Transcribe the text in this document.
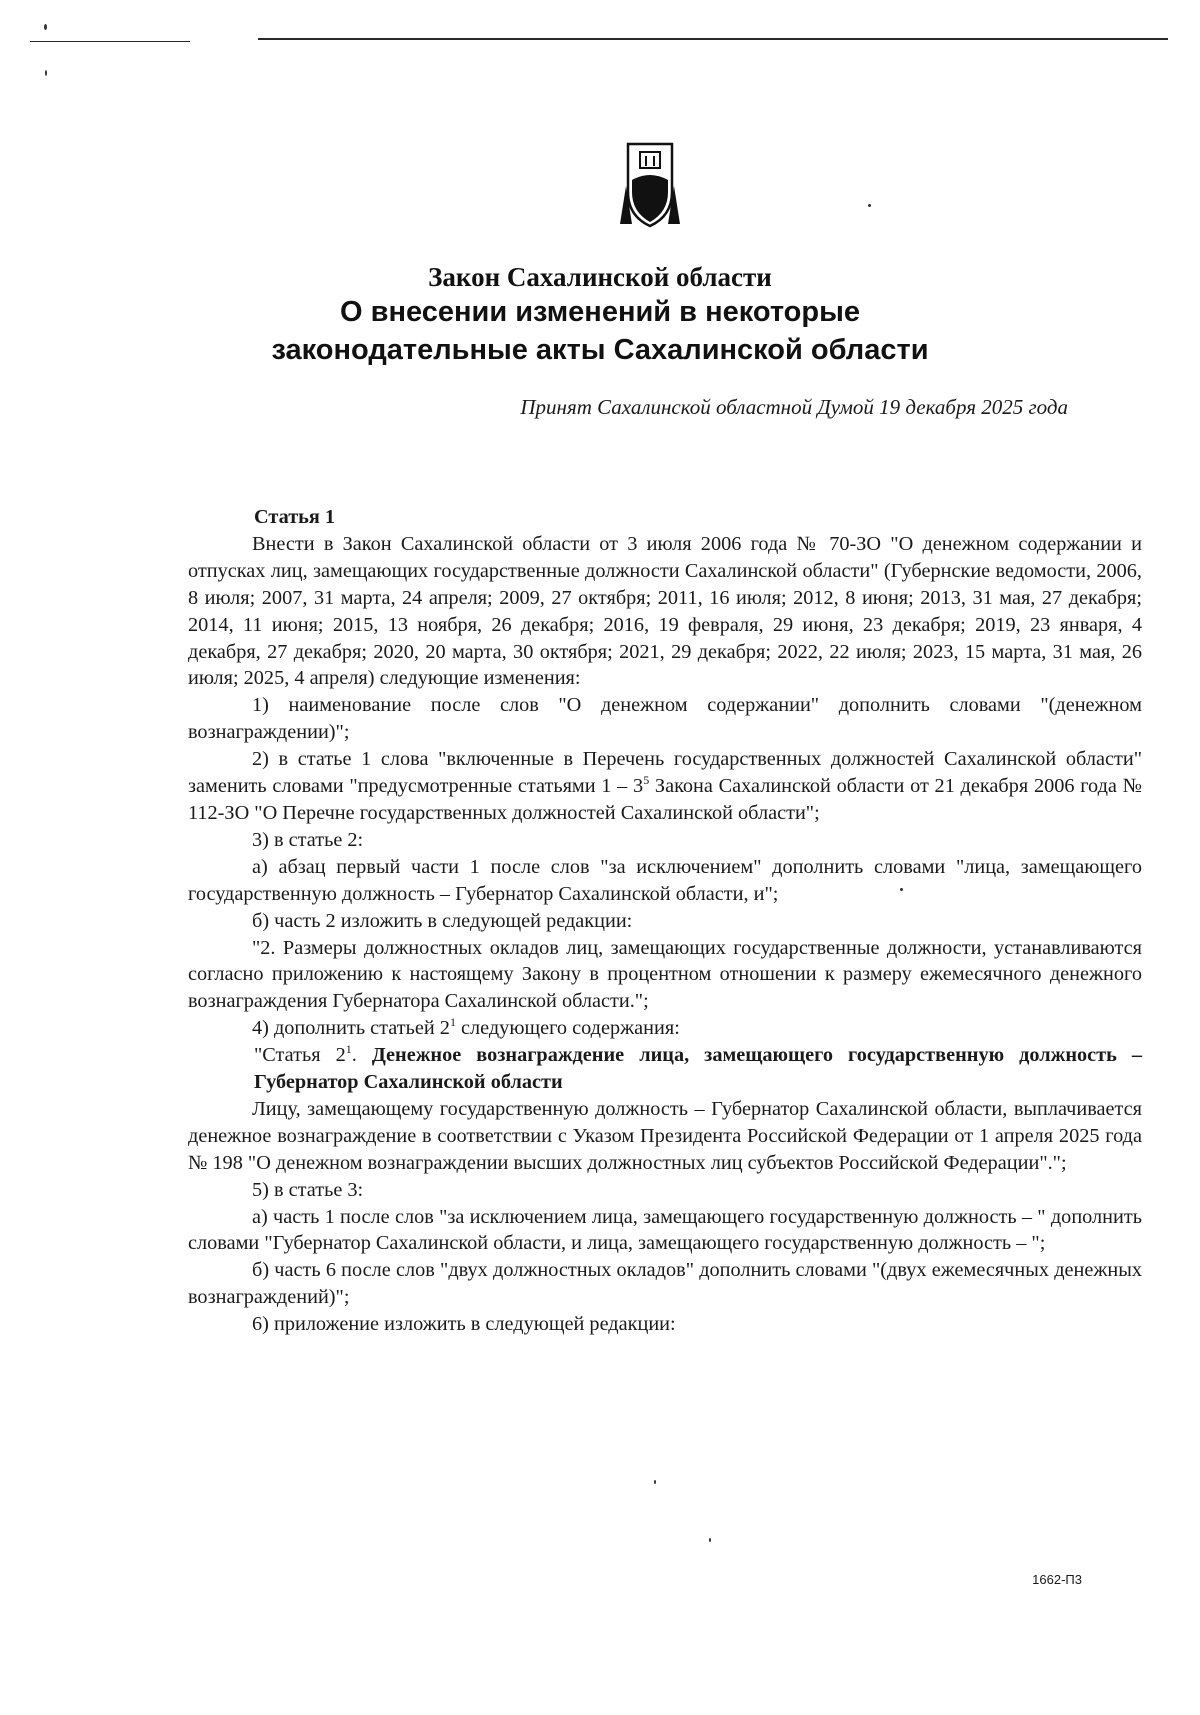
Закон Сахалинской области
О внесении изменений в некоторые
законодательные акты Сахалинской области
Принят Сахалинской областной Думой 19 декабря 2025 года

Статья 1

Внести в Закон Сахалинской области от 3 июля 2006 года № 70-ЗО "О денежном содержании и отпусках лиц, замещающих государственные должности Сахалинской области" (Губернские ведомости, 2006, 8 июля; 2007, 31 марта, 24 апреля; 2009, 27 октября; 2011, 16 июля; 2012, 8 июня; 2013, 31 мая, 27 декабря; 2014, 11 июня; 2015, 13 ноября, 26 декабря; 2016, 19 февраля, 29 июня, 23 декабря; 2019, 23 января, 4 декабря, 27 декабря; 2020, 20 марта, 30 октября; 2021, 29 декабря; 2022, 22 июля; 2023, 15 марта, 31 мая, 26 июля; 2025, 4 апреля) следующие изменения:

1) наименование после слов "О денежном содержании" дополнить словами "(денежном вознаграждении)";

2) в статье 1 слова "включенные в Перечень государственных должностей Сахалинской области" заменить словами "предусмотренные статьями $1 - 3^5$ Закона Сахалинской области от 21 декабря 2006 года № 112-ЗО "О Перечне государственных должностей Сахалинской области";

3) в статье 2:

а) абзац первый части 1 после слов "за исключением" дополнить словами "лица, замещающего государственную должность – Губернатор Сахалинской области, и";

б) часть 2 изложить в следующей редакции:

"2. Размеры должностных окладов лиц, замещающих государственные должности, устанавливаются согласно приложению к настоящему Закону в процентном отношении к размеру ежемесячного денежного вознаграждения Губернатора Сахалинской области.";

4) дополнить статьей $2^1$ следующего содержания:

"Статья $2^1$. Денежное вознаграждение лица, замещающего государственную должность – Губернатор Сахалинской области

Лицу, замещающему государственную должность – Губернатор Сахалинской области, выплачивается денежное вознаграждение в соответствии с Указом Президента Российской Федерации от 1 апреля 2025 года № 198 "О денежном вознаграждении высших должностных лиц субъектов Российской Федерации".";

5) в статье 3:

а) часть 1 после слов "за исключением лица, замещающего государственную должность – " дополнить словами "Губернатор Сахалинской области, и лица, замещающего государственную должность – ";

б) часть 6 после слов "двух должностных окладов" дополнить словами "(двух ежемесячных денежных вознаграждений)";

6) приложение изложить в следующей редакции:

1662-П3
